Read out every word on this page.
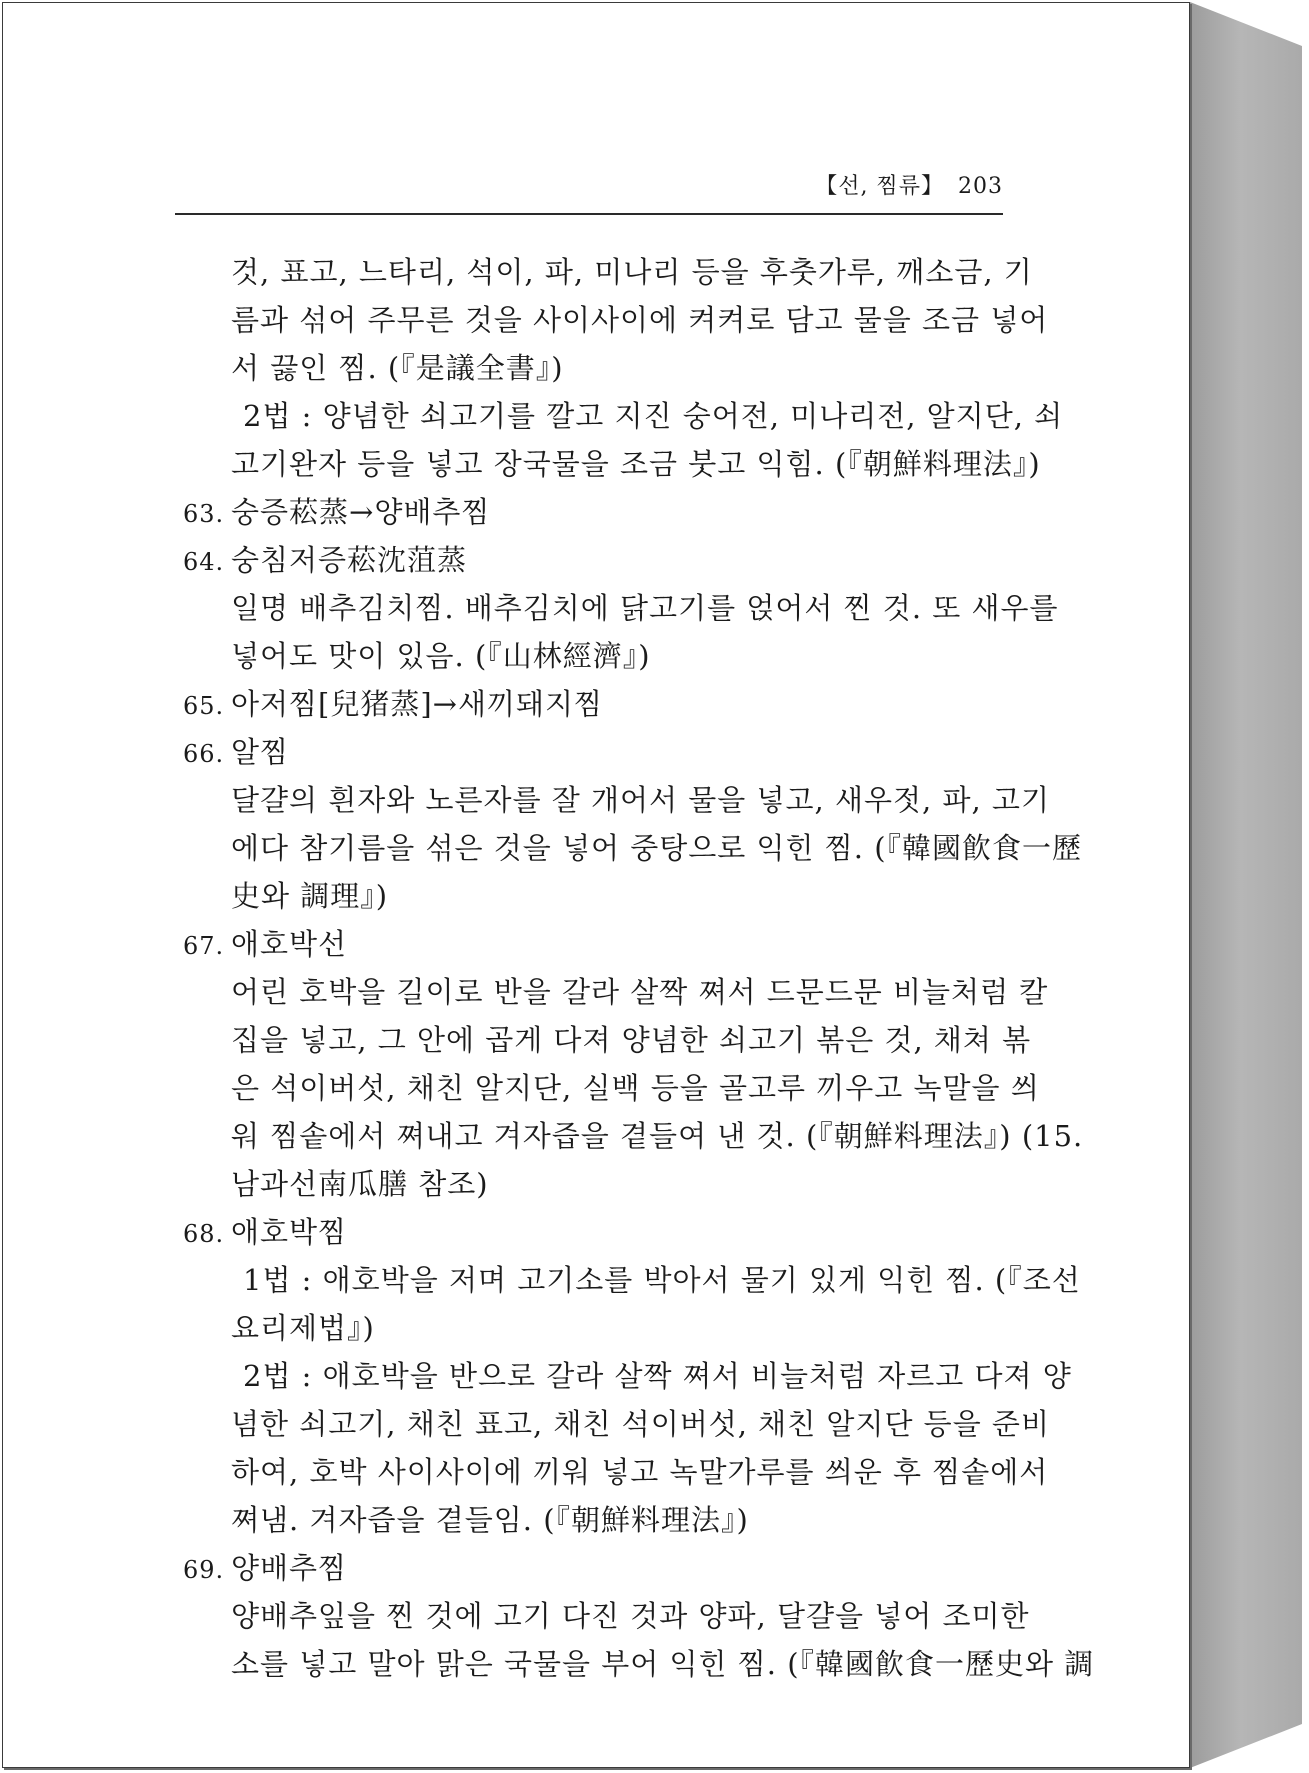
【선, 찜류】 203
것, 표고, 느타리, 석이, 파, 미나리 등을 후춧가루, 깨소금, 기
름과 섞어 주무른 것을 사이사이에 켜켜로 담고 물을 조금 넣어
서 끓인 찜. (『是議全書』)
2법 : 양념한 쇠고기를 깔고 지진 숭어전, 미나리전, 알지단, 쇠
고기완자 등을 넣고 장국물을 조금 붓고 익힘. (『朝鮮料理法』)
63. 숭증菘蒸→양배추찜
64. 숭침저증菘沈菹蒸
일명 배추김치찜. 배추김치에 닭고기를 얹어서 찐 것. 또 새우를
넣어도 맛이 있음. (『山林經濟』)
65. 아저찜[兒猪蒸]→새끼돼지찜
66. 알찜
달걀의 흰자와 노른자를 잘 개어서 물을 넣고, 새우젓, 파, 고기
에다 참기름을 섞은 것을 넣어 중탕으로 익힌 찜. (『韓國飮食一歷
史와 調理』)
67. 애호박선
어린 호박을 길이로 반을 갈라 살짝 쪄서 드문드문 비늘처럼 칼
집을 넣고, 그 안에 곱게 다져 양념한 쇠고기 볶은 것, 채쳐 볶
은 석이버섯, 채친 알지단, 실백 등을 골고루 끼우고 녹말을 씌
워 찜솥에서 쪄내고 겨자즙을 곁들여 낸 것. (『朝鮮料理法』) (15.
남과선南瓜膳 참조)
68. 애호박찜
1법 : 애호박을 저며 고기소를 박아서 물기 있게 익힌 찜. (『조선
요리제법』)
2법 : 애호박을 반으로 갈라 살짝 쪄서 비늘처럼 자르고 다져 양
념한 쇠고기, 채친 표고, 채친 석이버섯, 채친 알지단 등을 준비
하여, 호박 사이사이에 끼워 넣고 녹말가루를 씌운 후 찜솥에서
쪄냄. 겨자즙을 곁들임. (『朝鮮料理法』)
69. 양배추찜
양배추잎을 찐 것에 고기 다진 것과 양파, 달걀을 넣어 조미한
소를 넣고 말아 맑은 국물을 부어 익힌 찜. (『韓國飮食一歷史와 調
